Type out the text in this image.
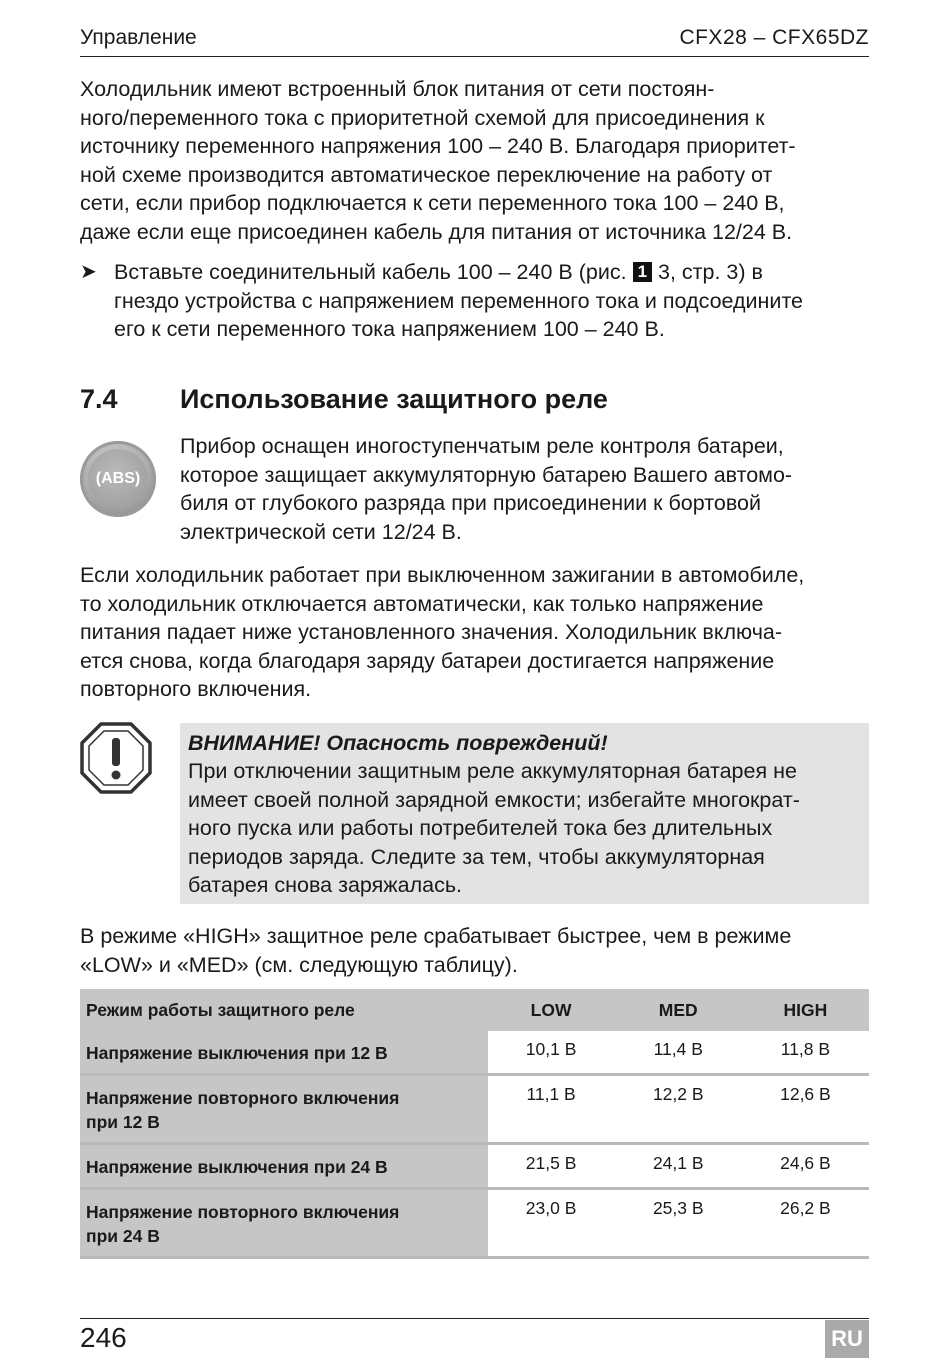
Управление	CFX28 – CFX65DZ
Холодильник имеют встроенный блок питания от сети постоян-
ного/переменного тока с приоритетной схемой для присоединения к
источнику переменного напряжения 100 – 240 В. Благодаря приоритет-
ной схеме производится автоматическое переключение на работу от
сети, если прибор подключается к сети переменного тока 100 – 240 В,
даже если еще присоединен кабель для питания от источника 12/24 В.
➤ Вставьте соединительный кабель 100 – 240 В (рис. 1 3, стр. 3) в
гнездо устройства с напряжением переменного тока и подсоедините
его к сети переменного тока напряжением 100 – 240 В.
7.4 Использование защитного реле
(ABS)
Прибор оснащен иногоступенчатым реле контроля батареи,
которое защищает аккумуляторную батарею Вашего автомо-
биля от глубокого разряда при присоединении к бортовой
электрической сети 12/24 В.
Если холодильник работает при выключенном зажигании в автомобиле,
то холодильник отключается автоматически, как только напряжение
питания падает ниже установленного значения. Холодильник включа-
ется снова, когда благодаря заряду батареи достигается напряжение
повторного включения.
ВНИМАНИЕ! Опасность повреждений!
При отключении защитным реле аккумуляторная батарея не
имеет своей полной зарядной емкости; избегайте многократ-
ного пуска или работы потребителей тока без длительных
периодов заряда. Следите за тем, чтобы аккумуляторная
батарея снова заряжалась.
В режиме «HIGH» защитное реле срабатывает быстрее, чем в режиме
«LOW» и «MED» (см. следующую таблицу).
Режим работы защитного реле	LOW	MED	HIGH

Напряжение выключения при 12 В	10,1 В	11,4 В	11,8 В

Напряжение повторного включения
при 12 В	11,1 В	12,2 В	12,6 В

Напряжение выключения при 24 В	21,5 В	24,1 В	24,6 В

Напряжение повторного включения
при 24 В	23,0 В	25,3 В	26,2 В
246	RU
